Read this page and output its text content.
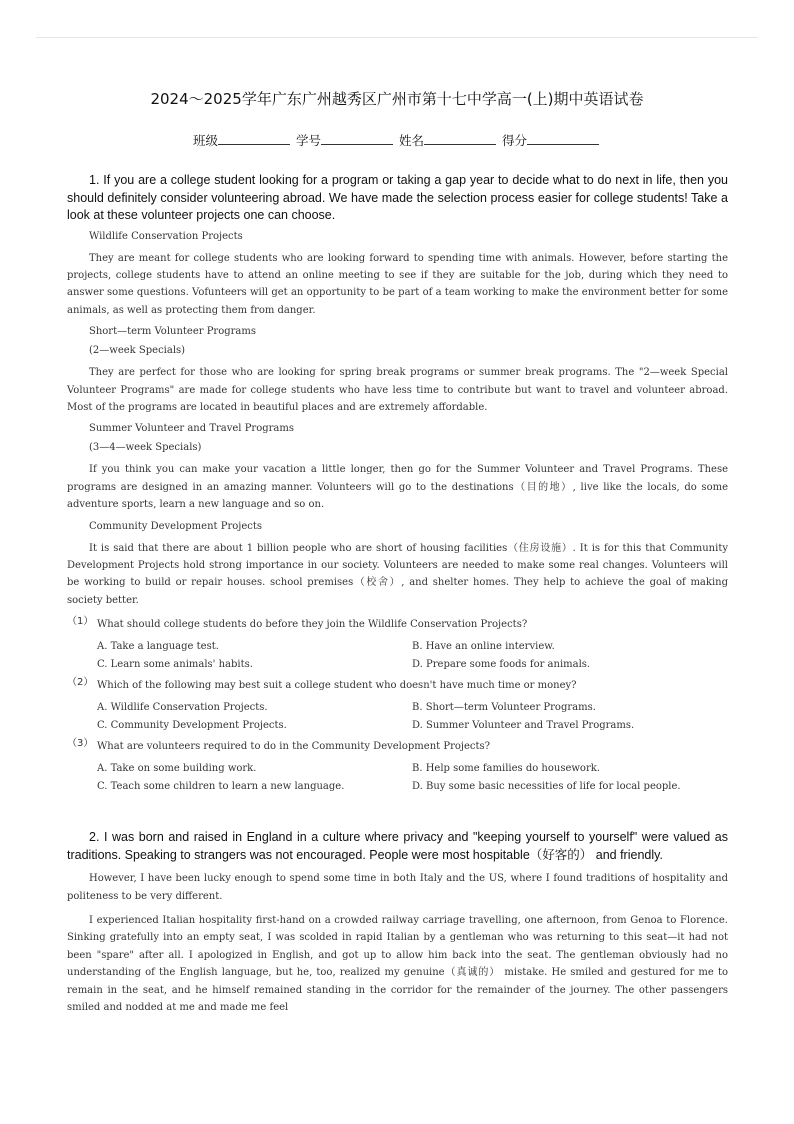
2024～2025学年广东广州越秀区广州市第十七中学高一(上)期中英语试卷
班级	学号	姓名	得分

1. If you are a college student looking for a program or taking a gap year to decide what to do next in life, then you should definitely consider volunteering abroad. We have made the selection process easier for college students! Take a look at these volunteer projects one can choose.

Wildlife Conservation Projects

They are meant for college students who are looking forward to spending time with animals. However, before starting the projects, college students have to attend an online meeting to see if they are suitable for the job, during which they need to answer some questions. Vofunteers will get an opportunity to be part of a team working to make the environment better for some animals, as well as protecting them from danger.

Short—term Volunteer Programs
(2—week Specials)

They are perfect for those who are looking for spring break programs or summer break programs. The "2—week Special Volunteer Programs" are made for college students who have less time to contribute but want to travel and volunteer abroad. Most of the programs are located in beautiful places and are extremely affordable.

Summer Volunteer and Travel Programs
(3—4—week Specials)

If you think you can make your vacation a little longer, then go for the Summer Volunteer and Travel Programs. These programs are designed in an amazing manner. Volunteers will go to the destinations（目的地）, live like the locals, do some adventure sports, learn a new language and so on.

Community Development Projects

It is said that there are about 1 billion people who are short of housing facilities（住房设施）. It is for this that Community Development Projects hold strong importance in our society. Volunteers are needed to make some real changes. Volunteers will be working to build or repair houses. school premises（校舍）, and shelter homes. They help to achieve the goal of making society better.

（1） What should college students do before they join the Wildlife Conservation Projects?
A. Take a language test.	B. Have an online interview.
C. Learn some animals' habits.	D. Prepare some foods for animals.
（2） Which of the following may best suit a college student who doesn't have much time or money?
A. Wildlife Conservation Projects.	B. Short—term Volunteer Programs.
C. Community Development Projects.	D. Summer Volunteer and Travel Programs.
（3） What are volunteers required to do in the Community Development Projects?
A. Take on some building work.	B. Help some families do housework.
C. Teach some children to learn a new language.	D. Buy some basic necessities of life for local people.

2. I was born and raised in England in a culture where privacy and "keeping yourself to yourself" were valued as traditions. Speaking to strangers was not encouraged. People were most hospitable（好客的） and friendly.

However, I have been lucky enough to spend some time in both Italy and the US, where I found traditions of hospitality and politeness to be very different.

I experienced Italian hospitality first-hand on a crowded railway carriage travelling, one afternoon, from Genoa to Florence. Sinking gratefully into an empty seat, I was scolded in rapid Italian by a gentleman who was returning to this seat—it had not been "spare" after all. I apologized in English, and got up to allow him back into the seat. The gentleman obviously had no understanding of the English language, but he, too, realized my genuine（真诚的） mistake. He smiled and gestured for me to remain in the seat, and he himself remained standing in the corridor for the remainder of the journey. The other passengers smiled and nodded at me and made me feel
